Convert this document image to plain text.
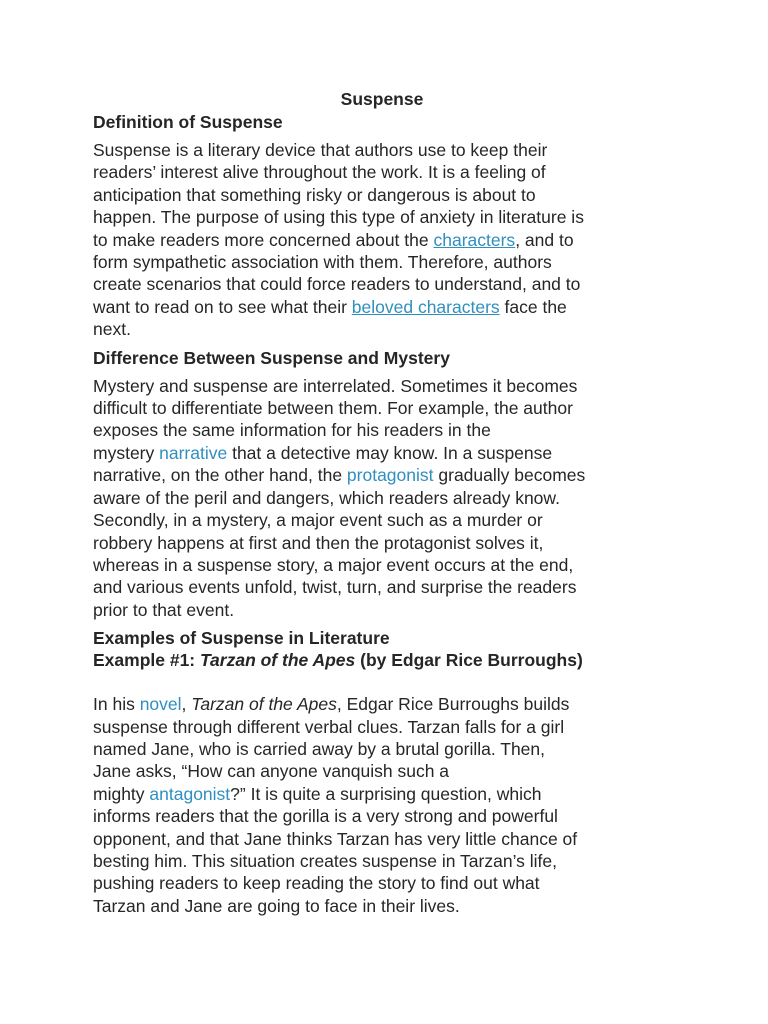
Suspense
Definition of Suspense
Suspense is a literary device that authors use to keep their
readers’ interest alive throughout the work. It is a feeling of
anticipation that something risky or dangerous is about to
happen. The purpose of using this type of anxiety in literature is
to make readers more concerned about the characters, and to
form sympathetic association with them. Therefore, authors
create scenarios that could force readers to understand, and to
want to read on to see what their beloved characters face the
next.
Difference Between Suspense and Mystery
Mystery and suspense are interrelated. Sometimes it becomes
difficult to differentiate between them. For example, the author
exposes the same information for his readers in the
mystery narrative that a detective may know. In a suspense
narrative, on the other hand, the protagonist gradually becomes
aware of the peril and dangers, which readers already know.
Secondly, in a mystery, a major event such as a murder or
robbery happens at first and then the protagonist solves it,
whereas in a suspense story, a major event occurs at the end,
and various events unfold, twist, turn, and surprise the readers
prior to that event.
Examples of Suspense in Literature
Example #1: Tarzan of the Apes (by Edgar Rice Burroughs)
In his novel, Tarzan of the Apes, Edgar Rice Burroughs builds
suspense through different verbal clues. Tarzan falls for a girl
named Jane, who is carried away by a brutal gorilla. Then,
Jane asks, “How can anyone vanquish such a
mighty antagonist?” It is quite a surprising question, which
informs readers that the gorilla is a very strong and powerful
opponent, and that Jane thinks Tarzan has very little chance of
besting him. This situation creates suspense in Tarzan’s life,
pushing readers to keep reading the story to find out what
Tarzan and Jane are going to face in their lives.
